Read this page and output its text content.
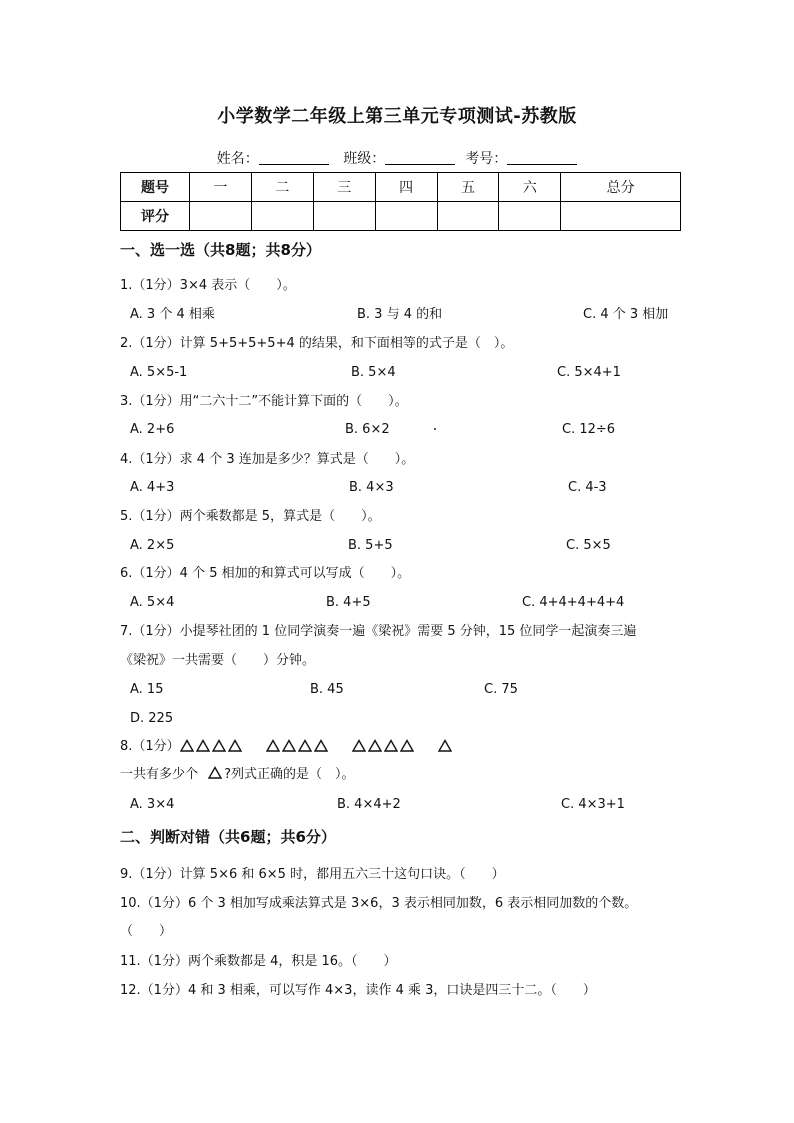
小学数学二年级上第三单元专项测试-苏教版
姓名：	班级：	考号：
题号	一	二	三	四	五	六	总分
评分							
一、选一选（共8题；共8分）
1.（1分）3×4 表示（　　）。
A. 3 个 4 相乘	B. 3 与 4 的和	C. 4 个 3 相加
2.（1分）计算 5+5+5+5+4 的结果，和下面相等的式子是（　）。
A. 5×5-1	B. 5×4	C. 5×4+1
3.（1分）用“二六十二”不能计算下面的（　　）。
A. 2+6	B. 6×2	C. 12÷6
4.（1分）求 4 个 3 连加是多少？算式是（　　）。
A. 4+3	B. 4×3	C. 4-3
5.（1分）两个乘数都是 5，算式是（　　）。
A. 2×5	B. 5+5	C. 5×5
6.（1分）4 个 5 相加的和算式可以写成（　　）。
A. 5×4	B. 4+5	C. 4+4+4+4+4
7.（1分）小提琴社团的 1 位同学演奏一遍《梁祝》需要 5 分钟，15 位同学一起演奏三遍
《梁祝》一共需要（　　）分钟。
A. 15	B. 45	C. 75
D. 225
8.（1分）
一共有多少个 ?列式正确的是（　）。
A. 3×4	B. 4×4+2	C. 4×3+1
二、判断对错（共6题；共6分）
9.（1分）计算 5×6 和 6×5 时，都用五六三十这句口诀。（　　）
10.（1分）6 个 3 相加写成乘法算式是 3×6，3 表示相同加数，6 表示相同加数的个数。
（　　）
11.（1分）两个乘数都是 4，积是 16。（　　）
12.（1分）4 和 3 相乘，可以写作 4×3，读作 4 乘 3，口诀是四三十二。（　　）
